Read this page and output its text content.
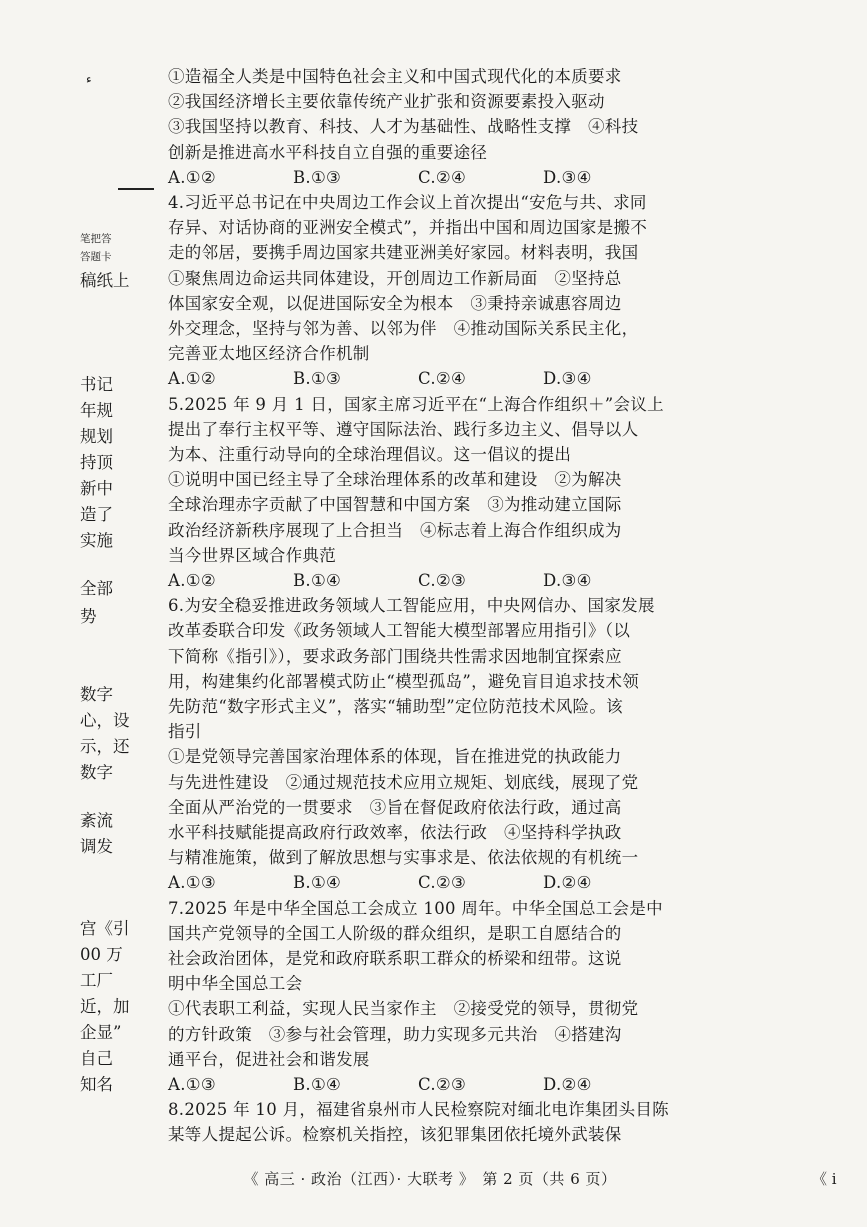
笔把答
答题卡
稿纸上
书记
年规
规划
持顶
新中
造了
实施
全部
势
数字
心，设
示，还
数字
紊流
调发
宫《引
00 万
工厂
近，加
企显”
自己
知名
ء	①造福全人类是中国特色社会主义和中国式现代化的本质要求
②我国经济增长主要依靠传统产业扩张和资源要素投入驱动
③我国坚持以教育、科技、人才为基础性、战略性支撑　④科技
创新是推进高水平科技自立自强的重要途径
A.①②	B.①③	C.②④	D.③④
4.习近平总书记在中央周边工作会议上首次提出“安危与共、求同
存异、对话协商的亚洲安全模式”，并指出中国和周边国家是搬不
走的邻居，要携手周边国家共建亚洲美好家园。材料表明，我国
①聚焦周边命运共同体建设，开创周边工作新局面　②坚持总
体国家安全观，以促进国际安全为根本　③秉持亲诚惠容周边
外交理念，坚持与邻为善、以邻为伴　④推动国际关系民主化，
完善亚太地区经济合作机制
A.①②	B.①③	C.②④	D.③④
5.2025 年 9 月 1 日，国家主席习近平在“上海合作组织＋”会议上
提出了奉行主权平等、遵守国际法治、践行多边主义、倡导以人
为本、注重行动导向的全球治理倡议。这一倡议的提出
①说明中国已经主导了全球治理体系的改革和建设　②为解决
全球治理赤字贡献了中国智慧和中国方案　③为推动建立国际
政治经济新秩序展现了上合担当　④标志着上海合作组织成为
当今世界区域合作典范
A.①②	B.①④	C.②③	D.③④
6.为安全稳妥推进政务领域人工智能应用，中央网信办、国家发展
改革委联合印发《政务领域人工智能大模型部署应用指引》（以
下简称《指引》），要求政务部门围绕共性需求因地制宜探索应
用，构建集约化部署模式防止“模型孤岛”，避免盲目追求技术领
先防范“数字形式主义”，落实“辅助型”定位防范技术风险。该
指引
①是党领导完善国家治理体系的体现，旨在推进党的执政能力
与先进性建设　②通过规范技术应用立规矩、划底线，展现了党
全面从严治党的一贯要求　③旨在督促政府依法行政，通过高
水平科技赋能提高政府行政效率，依法行政　④坚持科学执政
与精准施策，做到了解放思想与实事求是、依法依规的有机统一
A.①③	B.①④	C.②③	D.②④
7.2025 年是中华全国总工会成立 100 周年。中华全国总工会是中
国共产党领导的全国工人阶级的群众组织，是职工自愿结合的
社会政治团体，是党和政府联系职工群众的桥梁和纽带。这说
明中华全国总工会
①代表职工利益，实现人民当家作主　②接受党的领导，贯彻党
的方针政策　③参与社会管理，助力实现多元共治　④搭建沟
通平台，促进社会和谐发展
A.①③	B.①④	C.②③	D.②④
8.2025 年 10 月，福建省泉州市人民检察院对缅北电诈集团头目陈
某等人提起公诉。检察机关指控，该犯罪集团依托境外武装保
《 高三 · 政治（江西）· 大联考 》　第 2 页（共 6 页）	《 i
